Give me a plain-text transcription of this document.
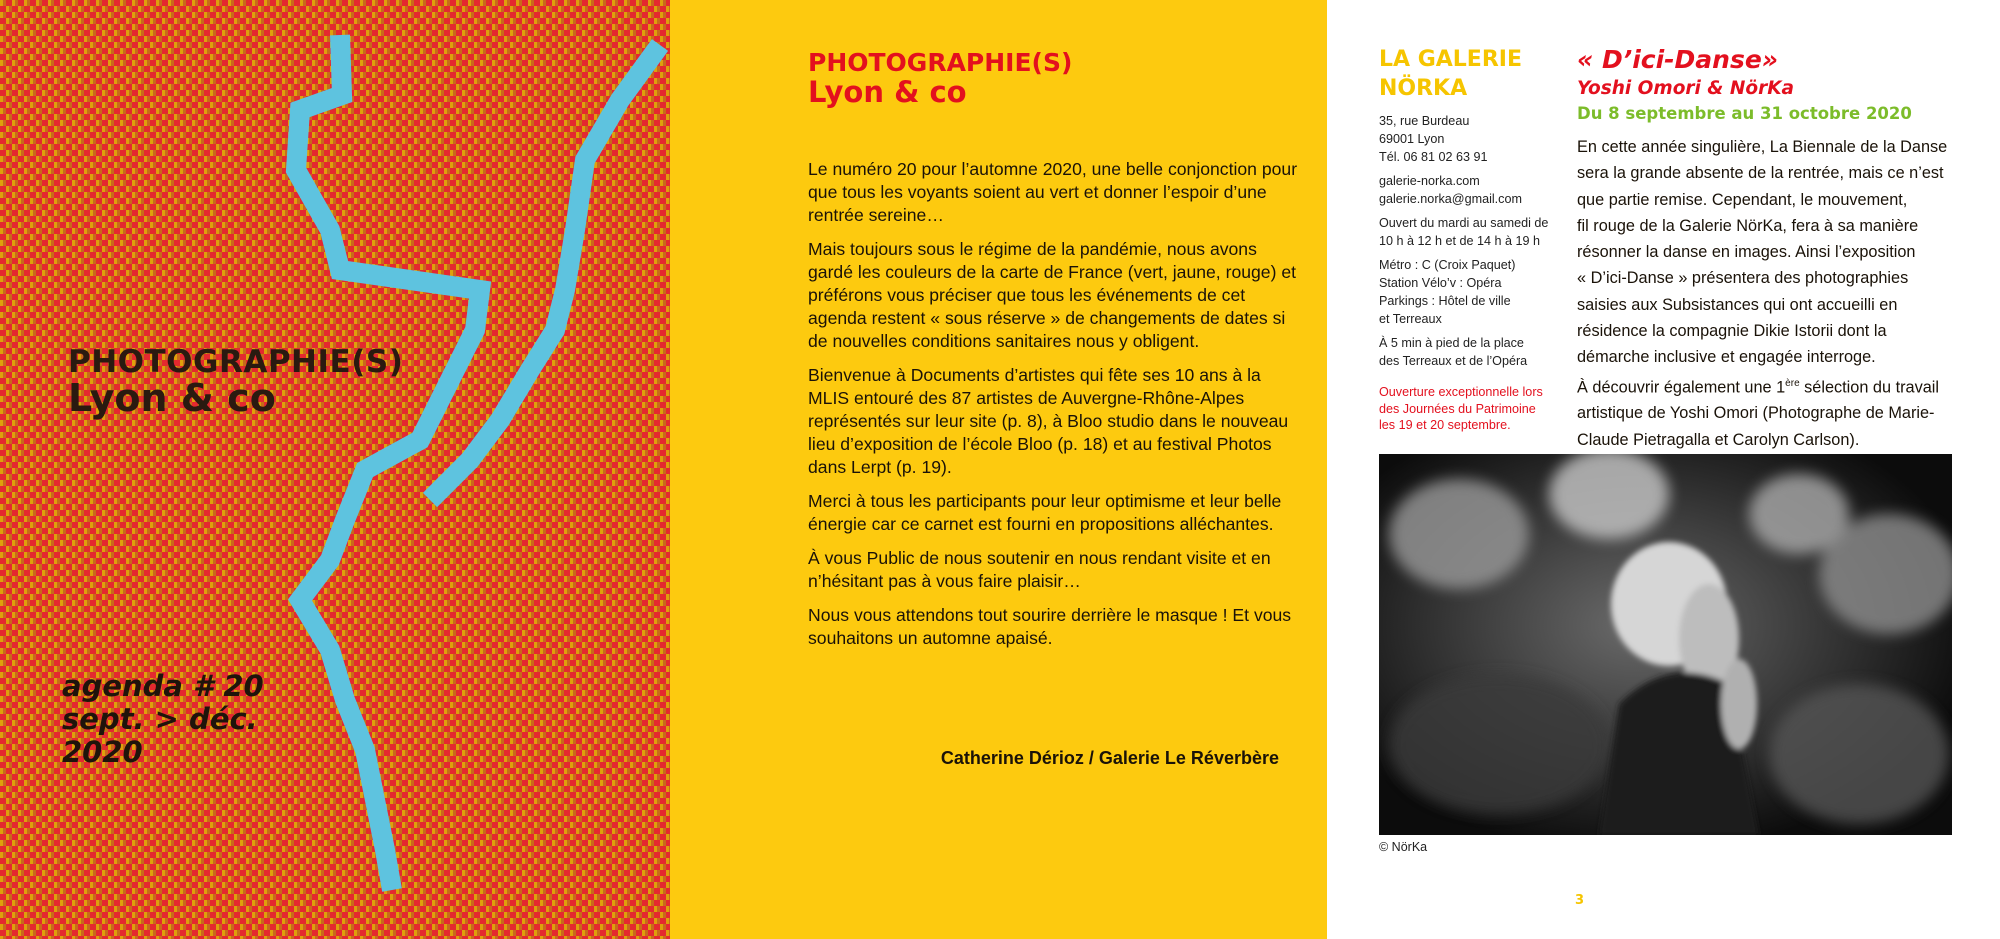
PHOTOGRAPHIE(S)
Lyon & co
agenda # 20
sept. > déc.
2020
PHOTOGRAPHIE(S)
Lyon & co

Le numéro 20 pour l’automne 2020, une belle conjonction pour que tous les voyants soient au vert et donner l’espoir d’une rentrée sereine…

Mais toujours sous le régime de la pandémie, nous avons gardé les couleurs de la carte de France (vert, jaune, rouge) et préférons vous préciser que tous les événements de cet agenda restent « sous réserve » de changements de dates si de nouvelles conditions sanitaires nous y obligent.

Bienvenue à Documents d’artistes qui fête ses 10 ans à la MLIS entouré des 87 artistes de Auvergne-Rhône-Alpes représentés sur leur site (p. 8), à Bloo studio dans le nouveau lieu d’exposition de l’école Bloo (p. 18) et au festival Photos dans Lerpt (p. 19).

Merci à tous les participants pour leur optimisme et leur belle énergie car ce carnet est fourni en propositions alléchantes.

À vous Public de nous soutenir en nous rendant visite et en n’hésitant pas à vous faire plaisir…

Nous vous attendons tout sourire derrière le masque ! Et vous souhaitons un automne apaisé.

Catherine Dérioz / Galerie Le Réverbère

LA GALERIE
NÖRKA
35, rue Burdeau
69001 Lyon
Tél. 06 81 02 63 91
galerie-norka.com
galerie.norka@gmail.com
Ouvert du mardi au samedi de
10 h à 12 h et de 14 h à 19 h
Métro : C (Croix Paquet)
Station Vélo’v : Opéra
Parkings : Hôtel de ville
et Terreaux
À 5 min à pied de la place
des Terreaux et de l’Opéra
Ouverture exceptionnelle lors
des Journées du Patrimoine
les 19 et 20 septembre.
« D’ici-Danse»
Yoshi Omori & NörKa

Du 8 septembre au 31 octobre 2020

En cette année singulière, La Biennale de la Danse
sera la grande absente de la rentrée, mais ce n’est
que partie remise. Cependant, le mouvement,
fil rouge de la Galerie NörKa, fera à sa manière
résonner la danse en images. Ainsi l’exposition
« D’ici-Danse » présentera des photographies
saisies aux Subsistances qui ont accueilli en
résidence la compagnie Dikie Istorii dont la
démarche inclusive et engagée interroge.
À découvrir également une 1ère sélection du travail
artistique de Yoshi Omori (Photographe de Marie-
Claude Pietragalla et Carolyn Carlson).

© NörKa

3
